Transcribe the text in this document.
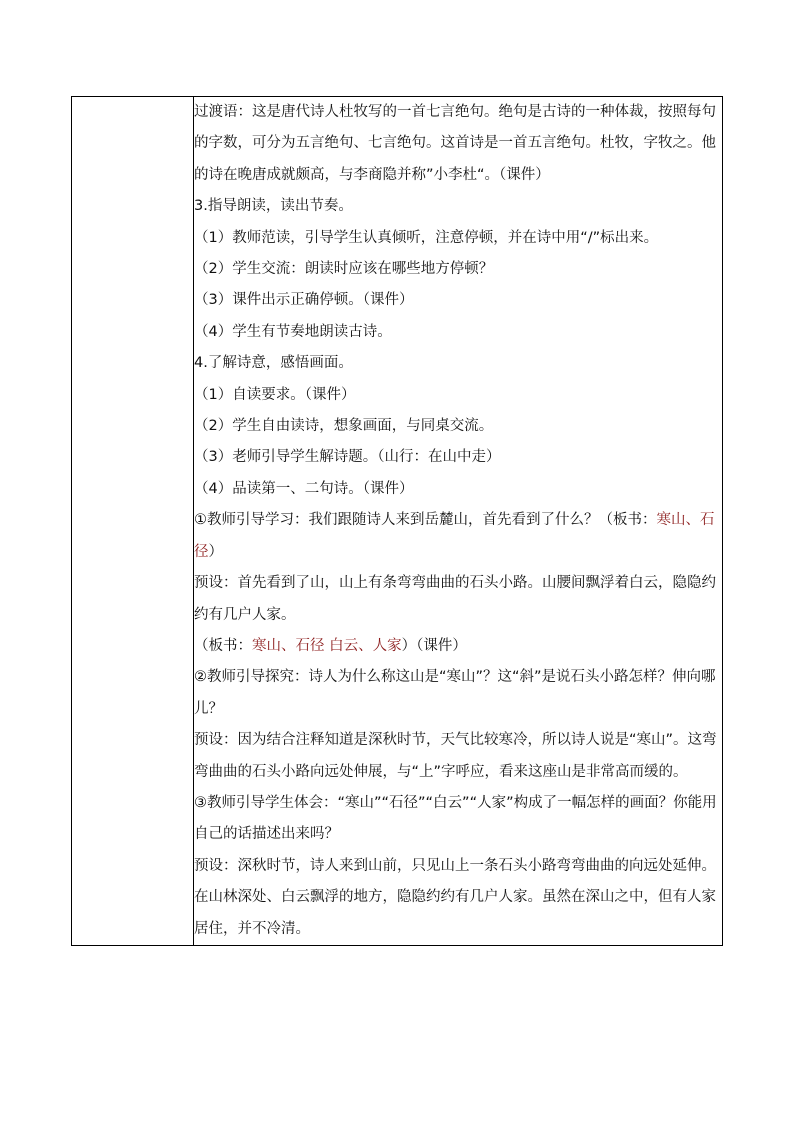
过渡语：这是唐代诗人杜牧写的一首七言绝句。绝句是古诗的一种体裁，按照每句的字数，可分为五言绝句、七言绝句。这首诗是一首五言绝句。杜牧，字牧之。他的诗在晚唐成就颇高，与李商隐并称”小李杜“。（课件）

3.指导朗读，读出节奏。

（1）教师范读，引导学生认真倾听，注意停顿，并在诗中用“/”标出来。

（2）学生交流：朗读时应该在哪些地方停顿？

（3）课件出示正确停顿。（课件）

（4）学生有节奏地朗读古诗。

4.了解诗意，感悟画面。

（1）自读要求。（课件）

（2）学生自由读诗，想象画面，与同桌交流。

（3）老师引导学生解诗题。（山行：在山中走）

（4）品读第一、二句诗。（课件）

①教师引导学习：我们跟随诗人来到岳麓山，首先看到了什么？（板书：寒山、石径）

预设：首先看到了山，山上有条弯弯曲曲的石头小路。山腰间飘浮着白云，隐隐约约有几户人家。

（板书：寒山、石径 白云、人家）（课件）

②教师引导探究：诗人为什么称这山是“寒山”？这“斜”是说石头小路怎样？伸向哪儿？

预设：因为结合注释知道是深秋时节，天气比较寒冷，所以诗人说是“寒山”。这弯弯曲曲的石头小路向远处伸展，与“上”字呼应，看来这座山是非常高而缓的。

③教师引导学生体会：“寒山”“石径”“白云”“人家”构成了一幅怎样的画面？你能用自己的话描述出来吗？

预设：深秋时节，诗人来到山前，只见山上一条石头小路弯弯曲曲的向远处延伸。在山林深处、白云飘浮的地方，隐隐约约有几户人家。虽然在深山之中，但有人家居住，并不冷清。
